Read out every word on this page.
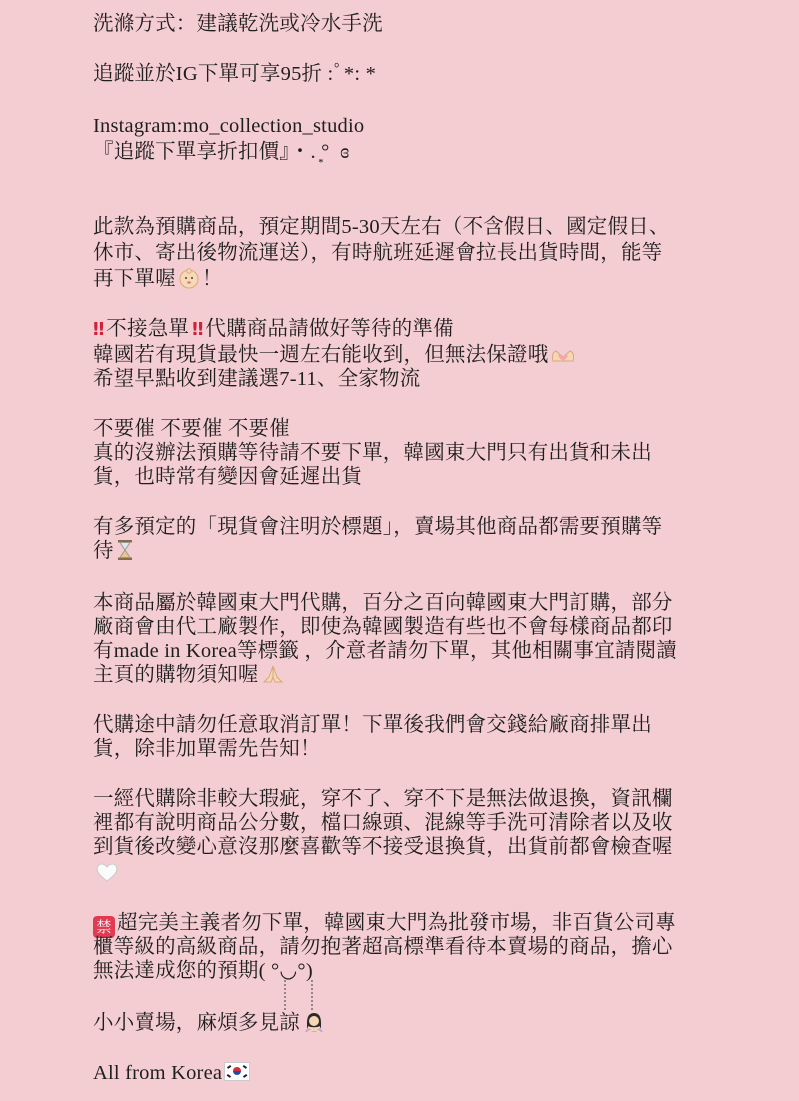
洗滌方式：建議乾洗或冷水手洗
追蹤並於IG下單可享95折 :ﾟ*: *
Instagram:mo_collection_studio
『追蹤下單享折扣價』・. ͙°  ɞ
此款為預購商品，預定期間5-30天左右（不含假日、國定假日、
休市、寄出後物流運送），有時航班延遲會拉長出貨時間，能等
再下單喔 ！
‼ 不接急單 ‼ 代購商品請做好等待的準備
韓國若有現貨最快一週左右能收到，但無法保證哦
希望早點收到建議選7-11、全家物流
不要催 不要催 不要催
真的沒辦法預購等待請不要下單，韓國東大門只有出貨和未出
貨，也時常有變因會延遲出貨
有多預定的「現貨會注明於標題」，賣場其他商品都需要預購等
待
本商品屬於韓國東大門代購，百分之百向韓國東大門訂購，部分
廠商會由代工廠製作，即使為韓國製造有些也不會每樣商品都印
有made in Korea等標籤 ，介意者請勿下單，其他相關事宜請閱讀
主頁的購物須知喔
代購途中請勿任意取消訂單！下單後我們會交錢給廠商排單出
貨，除非加單需先告知！
一經代購除非較大瑕疵，穿不了、穿不下是無法做退換，資訊欄
裡都有說明商品公分數，檔口線頭、混線等手洗可清除者以及收
到貨後改變心意沒那麼喜歡等不接受退換貨，出貨前都會檢查喔
禁 超完美主義者勿下單，韓國東大門為批發市場，非百貨公司專
櫃等級的高級商品，請勿抱著超高標準看待本賣場的商品，擔心
無法達成您的預期( °◡°)
小小賣場，麻煩多見諒
All from Korea
